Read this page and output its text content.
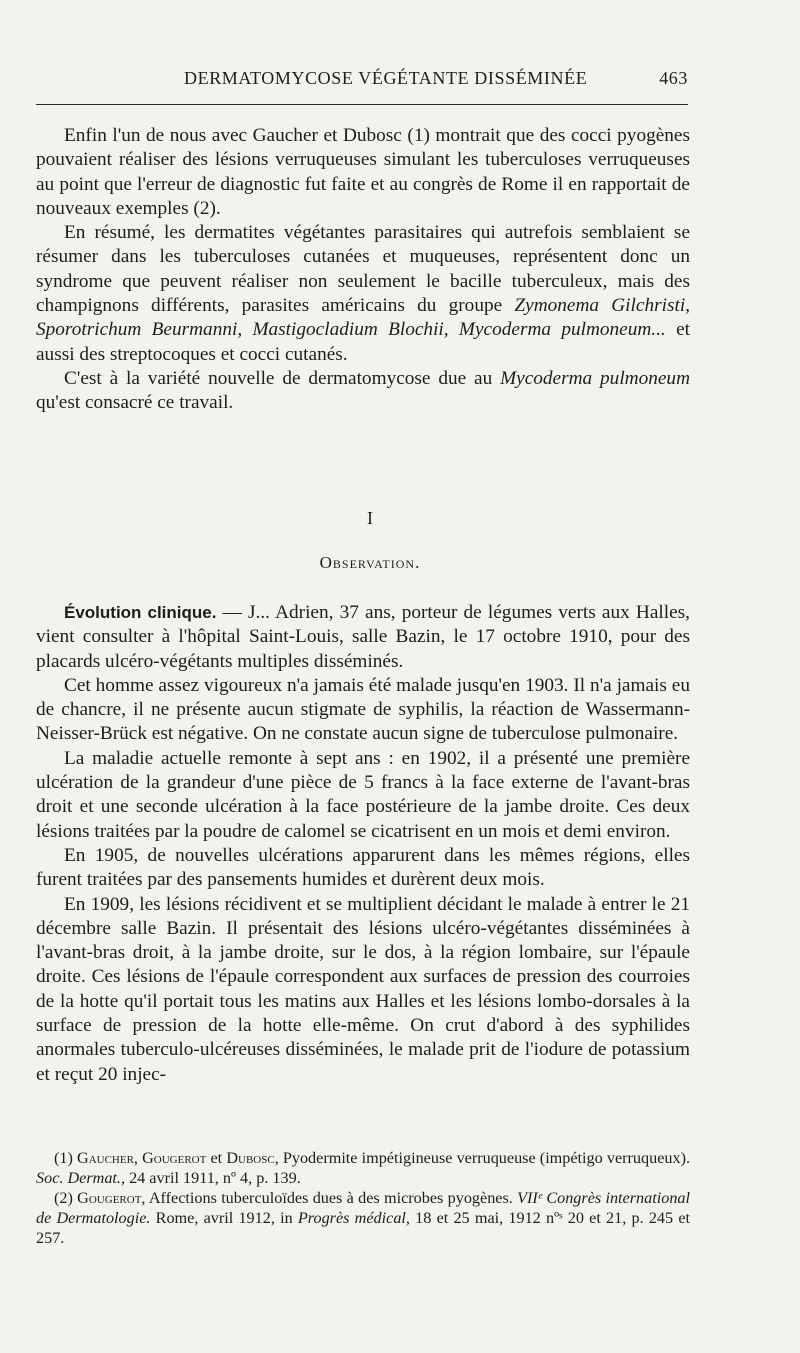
DERMATOMYCOSE VÉGÉTANTE DISSÉMINÉE	463

Enfin l'un de nous avec Gaucher et Dubosc (1) montrait que des cocci pyogènes pouvaient réaliser des lésions verruqueuses simulant les tuberculoses verruqueuses au point que l'erreur de diagnostic fut faite et au congrès de Rome il en rapportait de nouveaux exemples (2).

En résumé, les dermatites végétantes parasitaires qui autrefois semblaient se résumer dans les tuberculoses cutanées et muqueuses, représentent donc un syndrome que peuvent réaliser non seulement le bacille tuberculeux, mais des champignons différents, parasites américains du groupe Zymonema Gilchristi, Sporotrichum Beurmanni, Mastigocladium Blochii, Mycoderma pulmoneum... et aussi des streptocoques et cocci cutanés.

C'est à la variété nouvelle de dermatomycose due au Mycoderma pulmoneum qu'est consacré ce travail.

I
Observation.

Évolution clinique. — J... Adrien, 37 ans, porteur de légumes verts aux Halles, vient consulter à l'hôpital Saint-Louis, salle Bazin, le 17 octobre 1910, pour des placards ulcéro-végétants multiples disséminés.

Cet homme assez vigoureux n'a jamais été malade jusqu'en 1903. Il n'a jamais eu de chancre, il ne présente aucun stigmate de syphilis, la réaction de Wassermann-Neisser-Brück est négative. On ne constate aucun signe de tuberculose pulmonaire.

La maladie actuelle remonte à sept ans : en 1902, il a présenté une première ulcération de la grandeur d'une pièce de 5 francs à la face externe de l'avant-bras droit et une seconde ulcération à la face postérieure de la jambe droite. Ces deux lésions traitées par la poudre de calomel se cicatrisent en un mois et demi environ.

En 1905, de nouvelles ulcérations apparurent dans les mêmes régions, elles furent traitées par des pansements humides et durèrent deux mois.

En 1909, les lésions récidivent et se multiplient décidant le malade à entrer le 21 décembre salle Bazin. Il présentait des lésions ulcéro-végétantes disséminées à l'avant-bras droit, à la jambe droite, sur le dos, à la région lombaire, sur l'épaule droite. Ces lésions de l'épaule correspondent aux surfaces de pression des courroies de la hotte qu'il portait tous les matins aux Halles et les lésions lombo-dorsales à la surface de pression de la hotte elle-même. On crut d'abord à des syphilides anormales tuberculo-ulcéreuses disséminées, le malade prit de l'iodure de potassium et reçut 20 injec-

(1) Gaucher, Gougerot et Dubosc, Pyodermite impétigineuse verruqueuse (impétigo verruqueux). Soc. Dermat., 24 avril 1911, nº 4, p. 139.

(2) Gougerot, Affections tuberculoïdes dues à des microbes pyogènes. VIIᵉ Congrès international de Dermatologie. Rome, avril 1912, in Progrès médical, 18 et 25 mai, 1912 nºˢ 20 et 21, p. 245 et 257.
